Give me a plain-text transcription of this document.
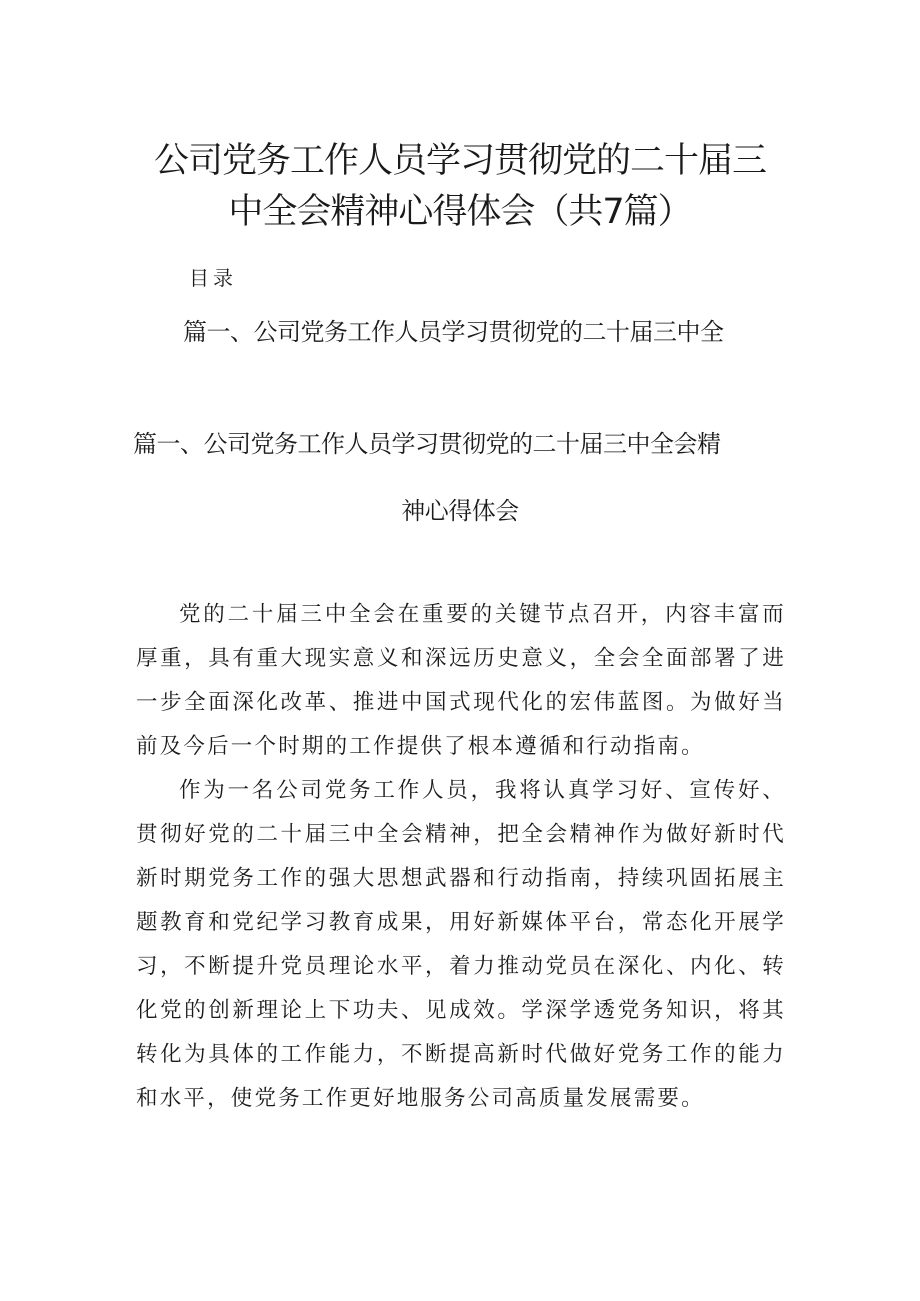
公司党务工作人员学习贯彻党的二十届三
中全会精神心得体会（共7篇）
目录
篇一、公司党务工作人员学习贯彻党的二十届三中全
篇一、公司党务工作人员学习贯彻党的二十届三中全会精
神心得体会

党的二十届三中全会在重要的关键节点召开，内容丰富而厚重，具有重大现实意义和深远历史意义，全会全面部署了进一步全面深化改革、推进中国式现代化的宏伟蓝图。为做好当前及今后一个时期的工作提供了根本遵循和行动指南。

作为一名公司党务工作人员，我将认真学习好、宣传好、贯彻好党的二十届三中全会精神，把全会精神作为做好新时代新时期党务工作的强大思想武器和行动指南，持续巩固拓展主题教育和党纪学习教育成果，用好新媒体平台，常态化开展学习，不断提升党员理论水平，着力推动党员在深化、内化、转化党的创新理论上下功夫、见成效。学深学透党务知识，将其转化为具体的工作能力，不断提高新时代做好党务工作的能力和水平，使党务工作更好地服务公司高质量发展需要。
